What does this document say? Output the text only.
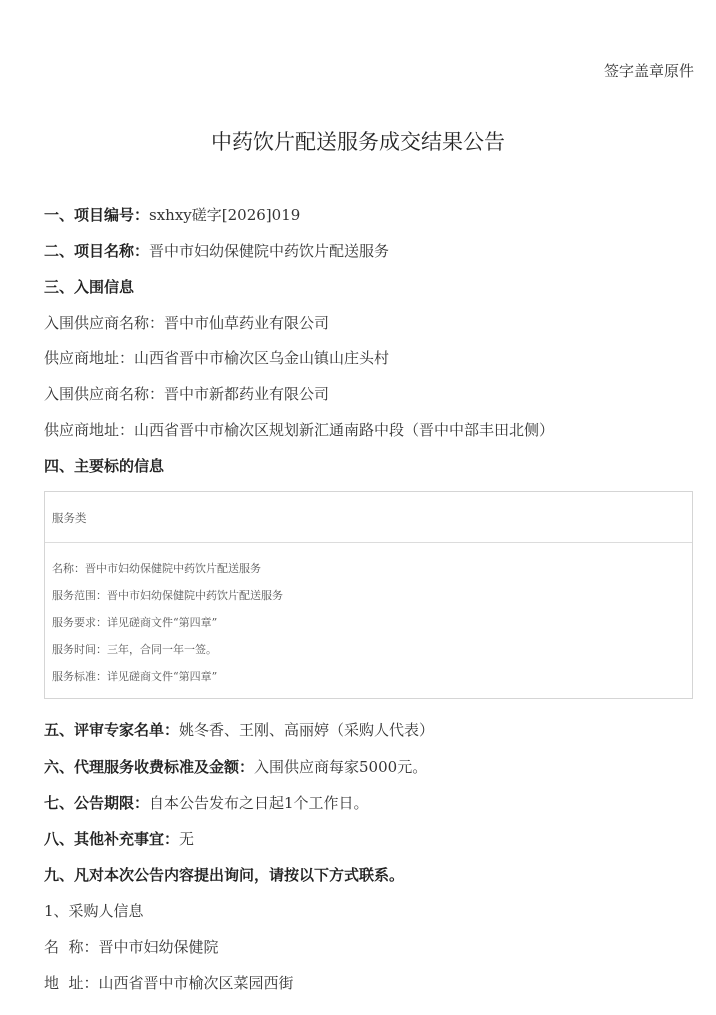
签字盖章原件
中药饮片配送服务成交结果公告
一、项目编号：sxhxy磋字[2026]019
二、项目名称：晋中市妇幼保健院中药饮片配送服务
三、入围信息
入围供应商名称：晋中市仙草药业有限公司
供应商地址：山西省晋中市榆次区乌金山镇山庄头村
入围供应商名称：晋中市新都药业有限公司
供应商地址：山西省晋中市榆次区规划新汇通南路中段（晋中中部丰田北侧）
四、主要标的信息
服务类
名称：晋中市妇幼保健院中药饮片配送服务
服务范围：晋中市妇幼保健院中药饮片配送服务
服务要求：详见磋商文件“第四章”
服务时间：三年，合同一年一签。
服务标准：详见磋商文件“第四章”
五、评审专家名单：姚冬香、王刚、高丽婷（采购人代表）
六、代理服务收费标准及金额：入围供应商每家5000元。
七、公告期限：自本公告发布之日起1个工作日。
八、其他补充事宜：无
九、凡对本次公告内容提出询问，请按以下方式联系。
1、采购人信息
名  称：晋中市妇幼保健院
地  址：山西省晋中市榆次区菜园西街
